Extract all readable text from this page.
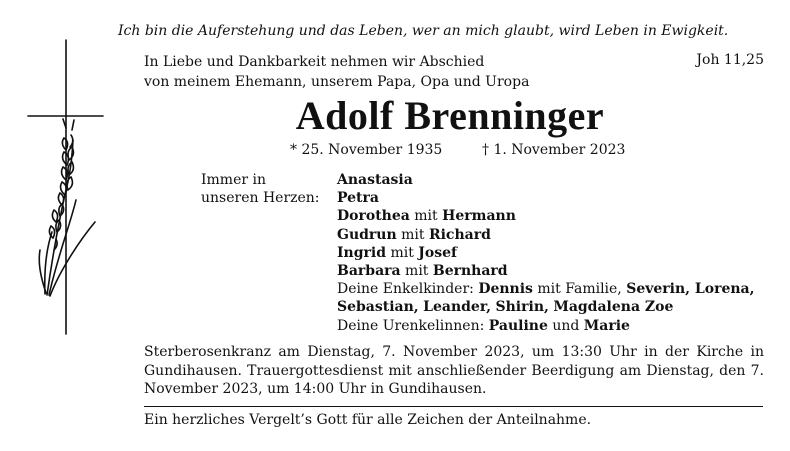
Ich bin die Auferstehung und das Leben, wer an mich glaubt, wird Leben in Ewigkeit.
Joh 11,25
In Liebe und Dankbarkeit nehmen wir Abschied
von meinem Ehemann, unserem Papa, Opa und Uropa
Adolf Brenninger
* 25. November 1935	† 1. November 2023
Immer in
unseren Herzen:
Anastasia
Petra
Dorothea mit Hermann
Gudrun mit Richard
Ingrid mit Josef
Barbara mit Bernhard
Deine Enkelkinder: Dennis mit Familie, Severin, Lorena,
Sebastian, Leander, Shirin, Magdalena Zoe
Deine Urenkelinnen: Pauline und Marie
Sterberosenkranz am Dienstag, 7. November 2023, um 13:30 Uhr in der Kirche in Gundihausen. Trauergottesdienst mit anschließender Beerdigung am Dienstag, den 7. November 2023, um 14:00 Uhr in Gundihausen.
Ein herzliches Vergelt’s Gott für alle Zeichen der Anteilnahme.
